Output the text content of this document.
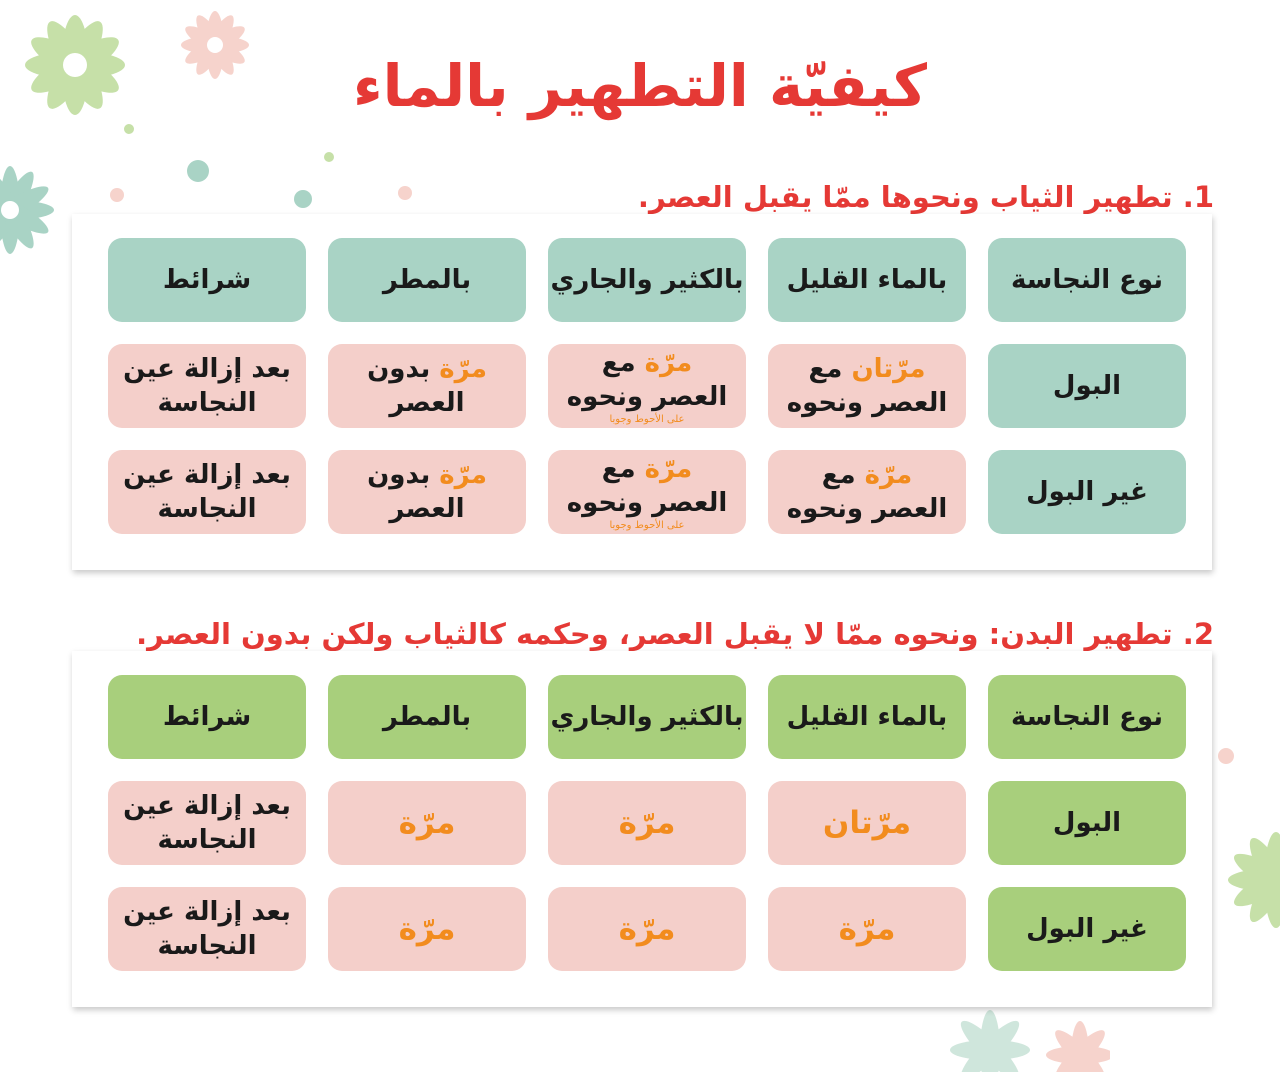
كيفيّة التطهير بالماء
1. تطهير الثياب ونحوها ممّا يقبل العصر.
نوع النجاسة
بالماء القليل
بالكثير والجاري
بالمطر
شرائط
البول
مرّتان مع
العصر ونحوه
مرّة مع
العصر ونحوه
على الأحوط وجوبا
مرّة بدون
العصر
بعد إزالة عين
النجاسة
غير البول
مرّة مع
العصر ونحوه
مرّة مع
العصر ونحوه
على الأحوط وجوبا
مرّة بدون
العصر
بعد إزالة عين
النجاسة
2. تطهير البدن: ونحوه ممّا لا يقبل العصر، وحكمه كالثياب ولكن بدون العصر.
نوع النجاسة
بالماء القليل
بالكثير والجاري
بالمطر
شرائط
البول
مرّتان
مرّة
مرّة
بعد إزالة عين
النجاسة
غير البول
مرّة
مرّة
مرّة
بعد إزالة عين
النجاسة
